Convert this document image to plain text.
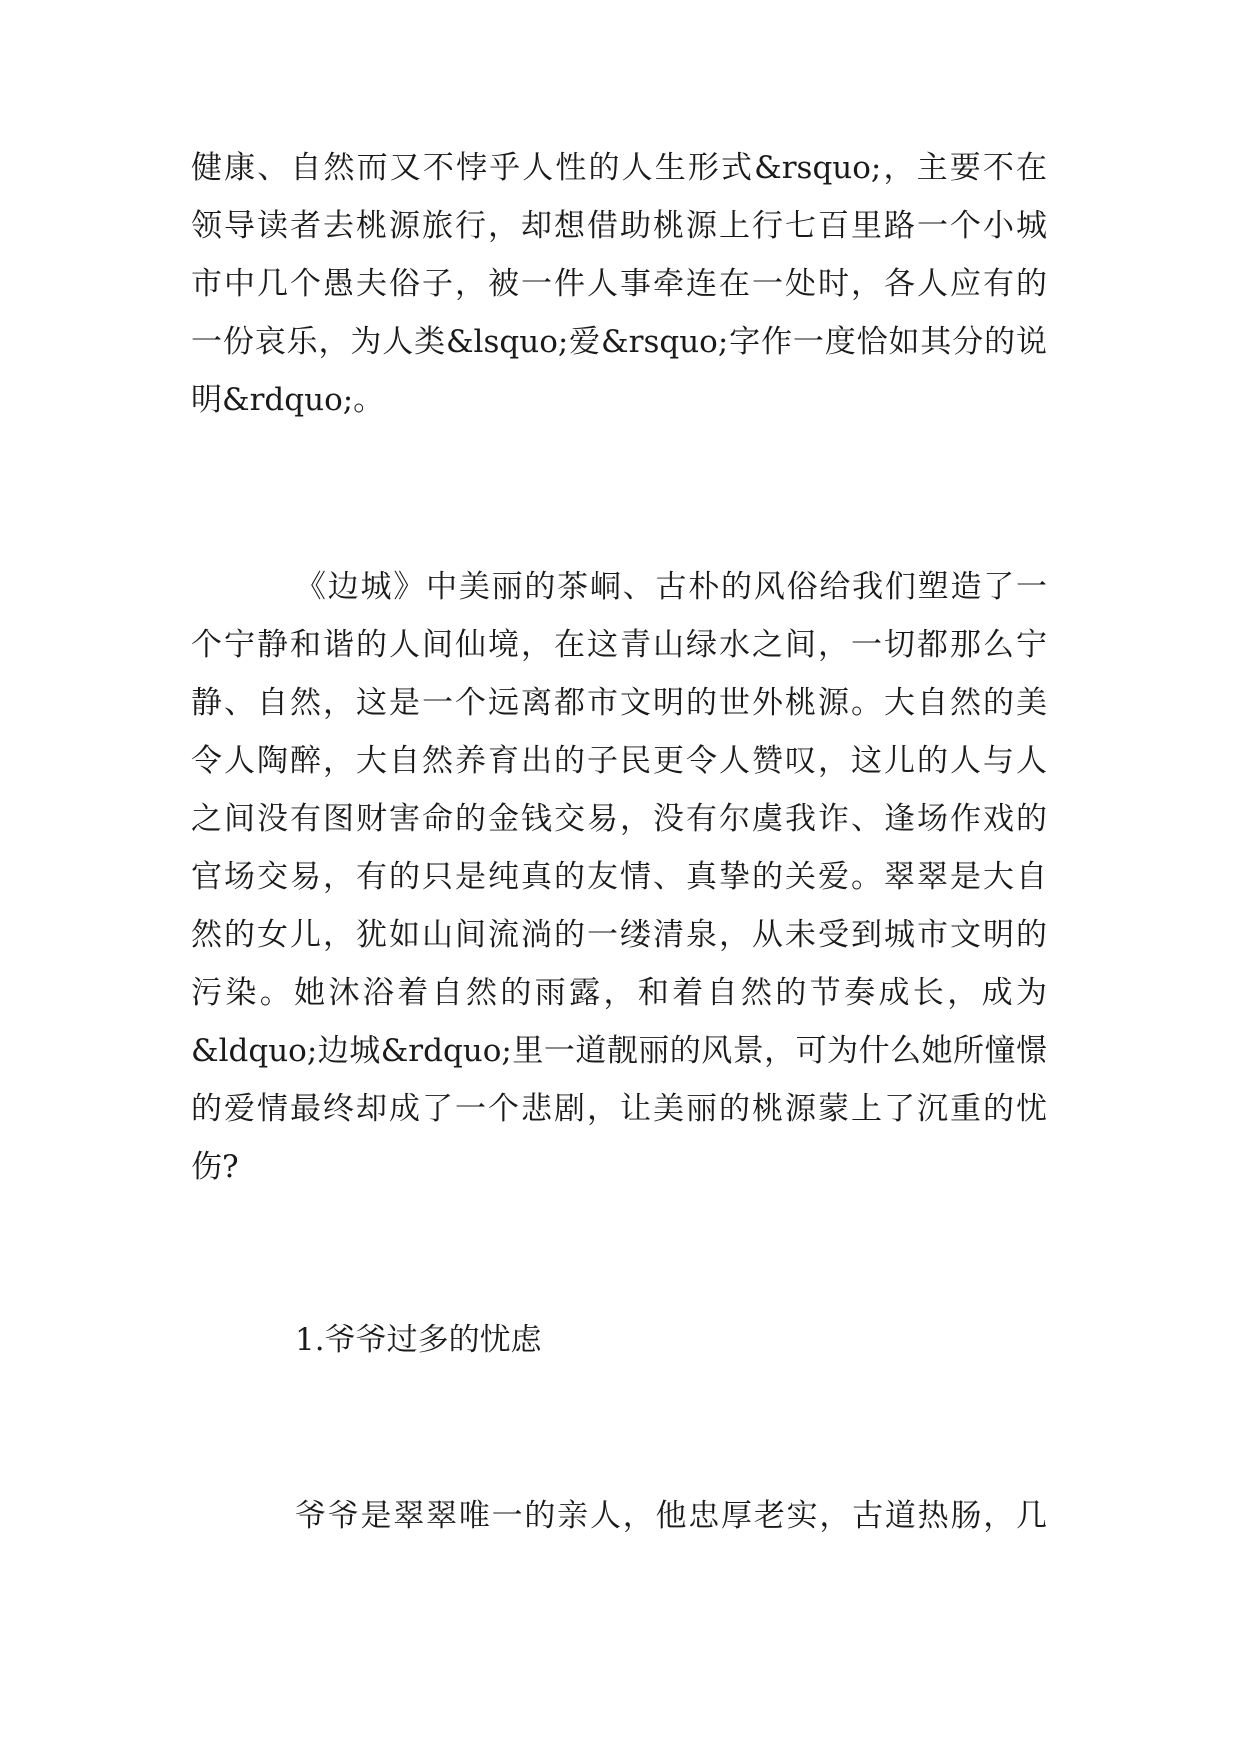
健康、自然而又不悖乎人性的人生形式&rsquo;，主要不在
领导读者去桃源旅行，却想借助桃源上行七百里路一个小城
市中几个愚夫俗子，被一件人事牵连在一处时，各人应有的
一份哀乐，为人类&lsquo;爱&rsquo;字作一度恰如其分的说
明&rdquo;。
《边城》中美丽的茶峒、古朴的风俗给我们塑造了一
个宁静和谐的人间仙境，在这青山绿水之间，一切都那么宁
静、自然，这是一个远离都市文明的世外桃源。大自然的美
令人陶醉，大自然养育出的子民更令人赞叹，这儿的人与人
之间没有图财害命的金钱交易，没有尔虞我诈、逢场作戏的
官场交易，有的只是纯真的友情、真挚的关爱。翠翠是大自
然的女儿，犹如山间流淌的一缕清泉，从未受到城市文明的
污染。她沐浴着自然的雨露，和着自然的节奏成长，成为
&ldquo;边城&rdquo;里一道靓丽的风景，可为什么她所憧憬
的爱情最终却成了一个悲剧，让美丽的桃源蒙上了沉重的忧
伤?
1.爷爷过多的忧虑
爷爷是翠翠唯一的亲人，他忠厚老实，古道热肠，几
